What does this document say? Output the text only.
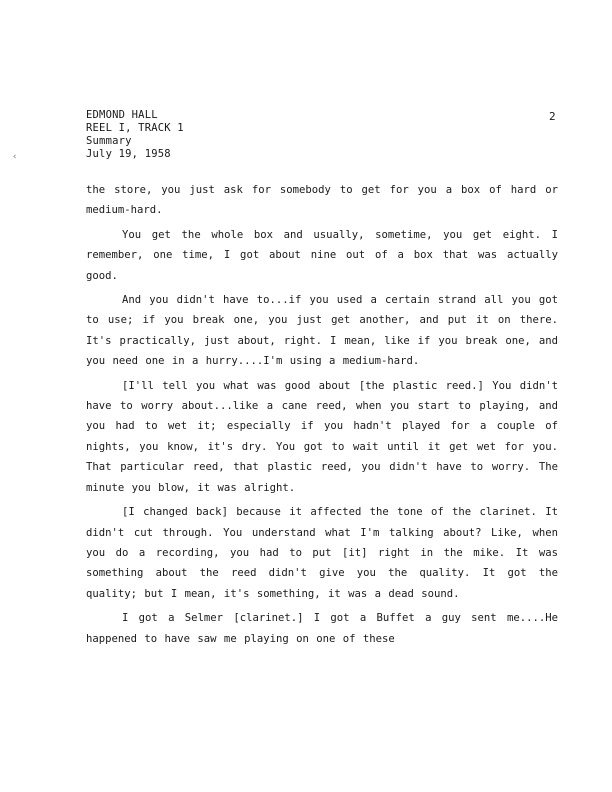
‹
EDMOND HALL
REEL I, TRACK 1
Summary
July 19, 1958
2

the store, you just ask for somebody to get for you a box of hard or medium-hard.

You get the whole box and usually, sometime, you get eight. I remember, one time, I got about nine out of a box that was actually good.

And you didn't have to...if you used a certain strand all you got to use; if you break one, you just get another, and put it on there. It's practically, just about, right. I mean, like if you break one, and you need one in a hurry....I'm using a medium-hard.

[I'll tell you what was good about [the plastic reed.] You didn't have to worry about...like a cane reed, when you start to playing, and you had to wet it; especially if you hadn't played for a couple of nights, you know, it's dry. You got to wait until it get wet for you. That particular reed, that plastic reed, you didn't have to worry. The minute you blow, it was alright.

[I changed back] because it affected the tone of the clarinet. It didn't cut through. You understand what I'm talking about? Like, when you do a recording, you had to put [it] right in the mike. It was something about the reed didn't give you the quality. It got the quality; but I mean, it's something, it was a dead sound.

I got a Selmer [clarinet.] I got a Buffet a guy sent me....He happened to have saw me playing on one of these
